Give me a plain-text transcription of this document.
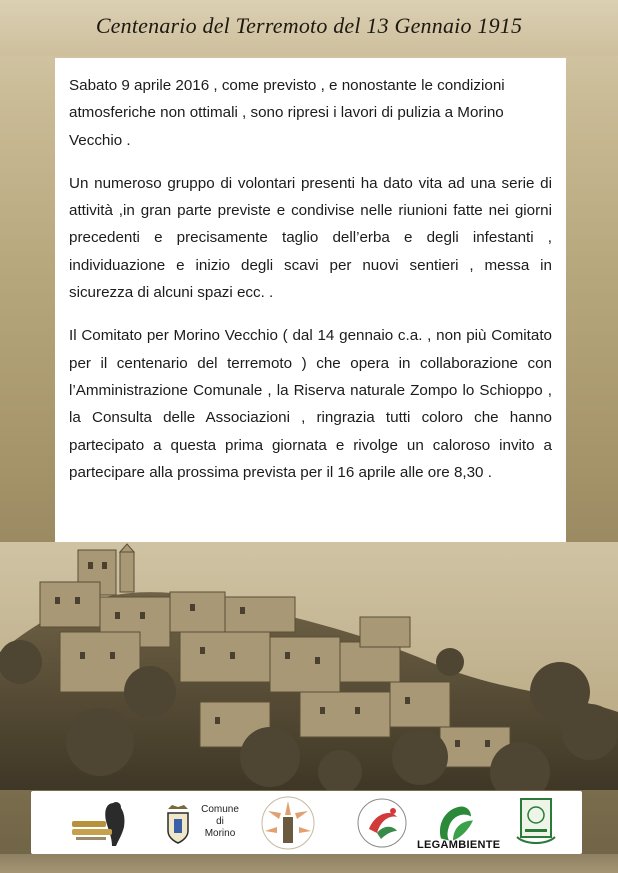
Centenario del Terremoto del 13 Gennaio 1915

Sabato 9 aprile 2016 , come previsto , e nonostante le condizioni atmosferiche non ottimali , sono ripresi i lavori di pulizia a Morino Vecchio .

Un numeroso gruppo di volontari presenti ha dato vita ad una serie di attività ,in gran parte previste e condivise nelle riunioni fatte nei giorni precedenti e precisamente taglio dell’erba e degli infestanti , individuazione e inizio degli scavi per nuovi sentieri , messa in sicurezza di alcuni spazi ecc. .

Il Comitato per Morino Vecchio ( dal 14 gennaio c.a. , non più Comitato per il centenario del terremoto ) che opera in collaborazione con l’Amministrazione Comunale , la Riserva naturale Zompo lo Schioppo , la Consulta delle Associazioni , ringrazia tutti coloro che hanno partecipato a questa prima giornata e rivolge un caloroso invito a partecipare alla prossima prevista per il 16 aprile alle ore 8,30 .

Comune
di
Morino
LEGAMBIENTE
